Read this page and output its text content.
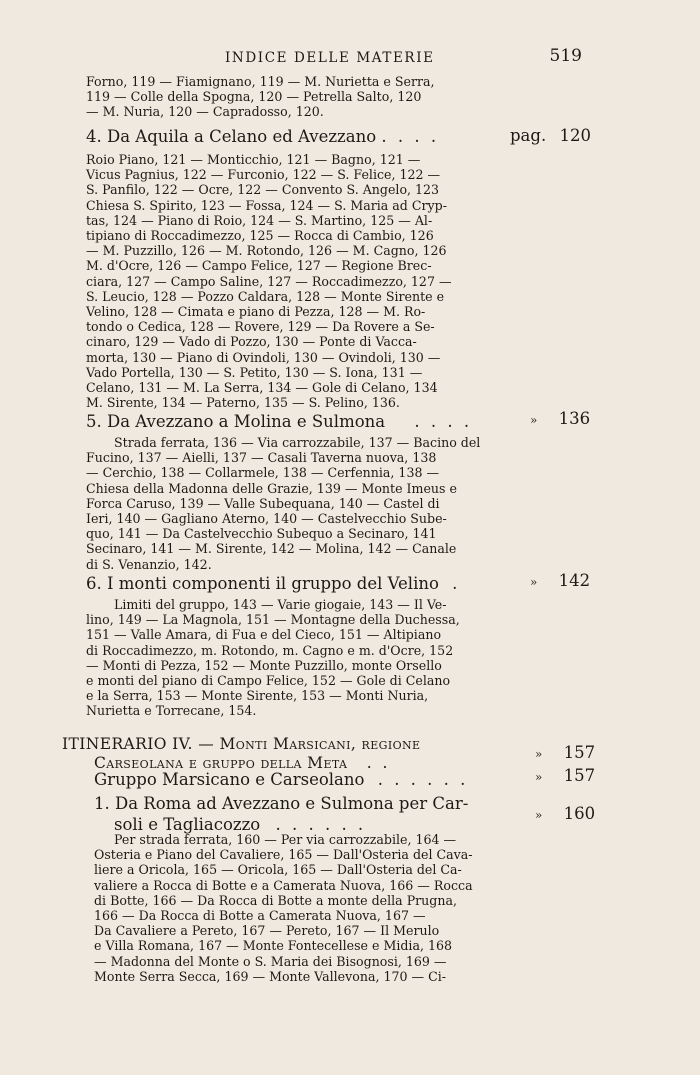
INDICE DELLE MATERIE	519

Forno, 119 — Fiamignano, 119 — M. Nurietta e Serra,

119 — Colle della Spogna, 120 — Petrella Salto, 120

— M. Nuria, 120 — Capradosso, 120.

4. Da Aquila a Celano ed Avezzano . . . .	pag. 120

Roio Piano, 121 — Monticchio, 121 — Bagno, 121 —

Vicus Pagnius, 122 — Furconio, 122 — S. Felice, 122 —

S. Panfilo, 122 — Ocre, 122 — Convento S. Angelo, 123

Chiesa S. Spirito, 123 — Fossa, 124 — S. Maria ad Cryp-

tas, 124 — Piano di Roio, 124 — S. Martino, 125 — Al-

tipiano di Roccadimezzo, 125 — Rocca di Cambio, 126

— M. Puzzillo, 126 — M. Rotondo, 126 — M. Cagno, 126

M. d'Ocre, 126 — Campo Felice, 127 — Regione Brec-

ciara, 127 — Campo Saline, 127 — Roccadimezzo, 127 —

S. Leucio, 128 — Pozzo Caldara, 128 — Monte Sirente e

Velino, 128 — Cimata e piano di Pezza, 128 — M. Ro-

tondo o Cedica, 128 — Rovere, 129 — Da Rovere a Se-

cinaro, 129 — Vado di Pozzo, 130 — Ponte di Vacca-

morta, 130 — Piano di Ovindoli, 130 — Ovindoli, 130 —

Vado Portella, 130 — S. Petito, 130 — S. Iona, 131 —

Celano, 131 — M. La Serra, 134 — Gole di Celano, 134

M. Sirente, 134 — Paterno, 135 — S. Pelino, 136.

5. Da Avezzano a Molina e Sulmona . . . .	» 136

Strada ferrata, 136 — Via carrozzabile, 137 — Bacino del

Fucino, 137 — Aielli, 137 — Casali Taverna nuova, 138

— Cerchio, 138 — Collarmele, 138 — Cerfennia, 138 —

Chiesa della Madonna delle Grazie, 139 — Monte Imeus e

Forca Caruso, 139 — Valle Subequana, 140 — Castel di

Ieri, 140 — Gagliano Aterno, 140 — Castelvecchio Sube-

quo, 141 — Da Castelvecchio Subequo a Secinaro, 141

Secinaro, 141 — M. Sirente, 142 — Molina, 142 — Canale

di S. Venanzio, 142.

6. I monti componenti il gruppo del Velino .	» 142

Limiti del gruppo, 143 — Varie giogaie, 143 — Il Ve-

lino, 149 — La Magnola, 151 — Montagne della Duchessa,

151 — Valle Amara, di Fua e del Cieco, 151 — Altipiano

di Roccadimezzo, m. Rotondo, m. Cagno e m. d'Ocre, 152

— Monti di Pezza, 152 — Monte Puzzillo, monte Orsello

e monti del piano di Campo Felice, 152 — Gole di Celano

e la Serra, 153 — Monte Sirente, 153 — Monti Nuria,

Nurietta e Torrecane, 154.

ITINERARIO IV. — Monti Marsicani, regione
Carseolana e gruppo della Meta . .	» 157
Gruppo Marsicano e Carseolano . . . . . .	» 157
1. Da Roma ad Avezzano e Sulmona per Car-
soli e Tagliacozzo . . . . . .	» 160

Per strada ferrata, 160 — Per via carrozzabile, 164 —

Osteria e Piano del Cavaliere, 165 — Dall'Osteria del Cava-

liere a Oricola, 165 — Oricola, 165 — Dall'Osteria del Ca-

valiere a Rocca di Botte e a Camerata Nuova, 166 — Rocca

di Botte, 166 — Da Rocca di Botte a monte della Prugna,

166 — Da Rocca di Botte a Camerata Nuova, 167 —

Da Cavaliere a Pereto, 167 — Pereto, 167 — Il Merulo

e Villa Romana, 167 — Monte Fontecellese e Midia, 168

— Madonna del Monte o S. Maria dei Bisognosi, 169 —

Monte Serra Secca, 169 — Monte Vallevona, 170 — Ci-
